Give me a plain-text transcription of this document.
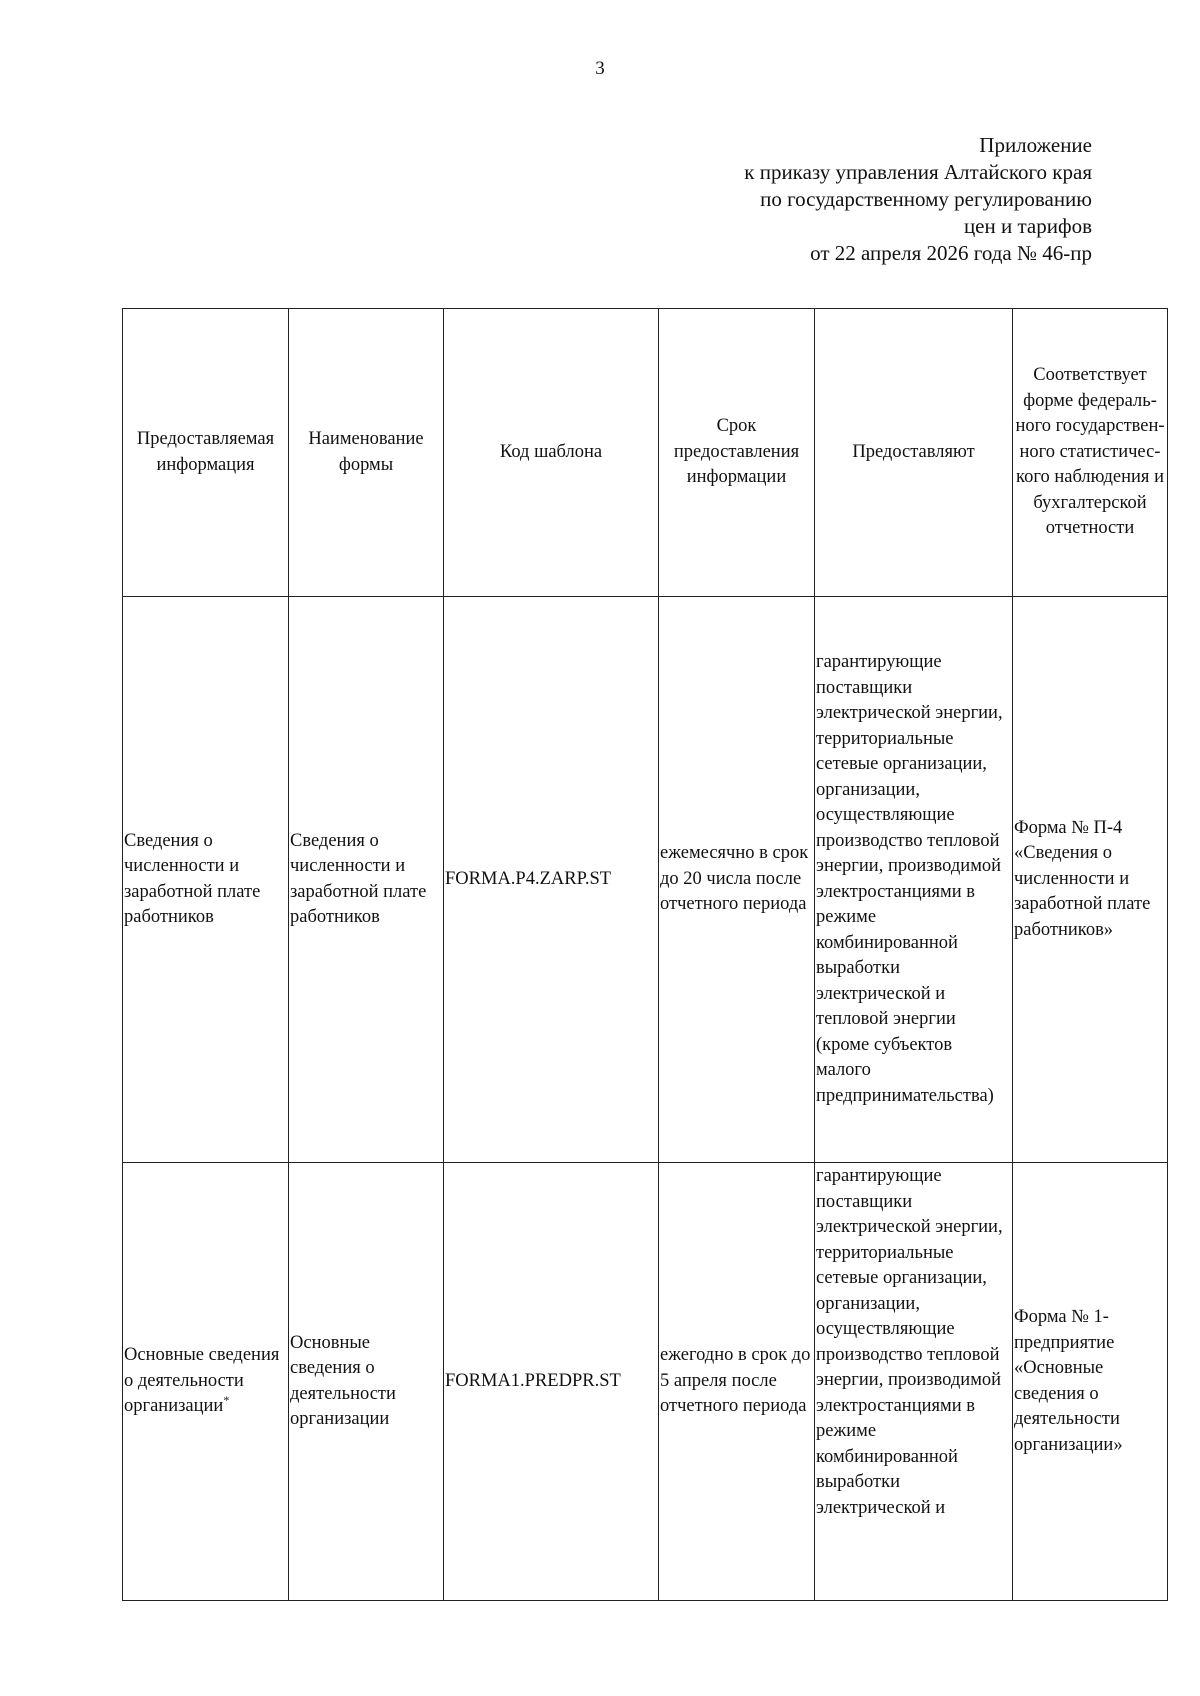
3
Приложение
к приказу управления Алтайского края
по государственному регулированию
цен и тарифов
от 22 апреля 2026 года № 46-пр
Предоставляемая информация	Наименование формы	Код шаблона	Срок предоставления информации	Предоставляют	Соответствует форме федераль-ного государствен-ного статистичес-кого наблюдения и бухгалтерской отчетности

Сведения о численности и заработной плате работников	Сведения о численности и заработной плате работников	FORMA.P4.ZARP.ST	ежемесячно в срок до 20 числа после отчетного периода	гарантирующие поставщики электрической энергии, территориальные сетевые организации, организации, осуществляющие производство тепловой энергии, производимой электростанциями в режиме комбинированной выработки электрической и тепловой энергии (кроме субъектов малого предпринимательства)	Форма № П-4 «Сведения о численности и заработной плате работников»

Основные сведения о деятельности организации*	Основные сведения о деятельности организации	FORMA1.PREDPR.ST	ежегодно в срок до 5 апреля после отчетного периода	гарантирующие поставщики электрической энергии, территориальные сетевые организации, организации, осуществляющие производство тепловой энергии, производимой электростанциями в режиме комбинированной выработки электрической и	Форма № 1-предприятие «Основные сведения о деятельности организации»
